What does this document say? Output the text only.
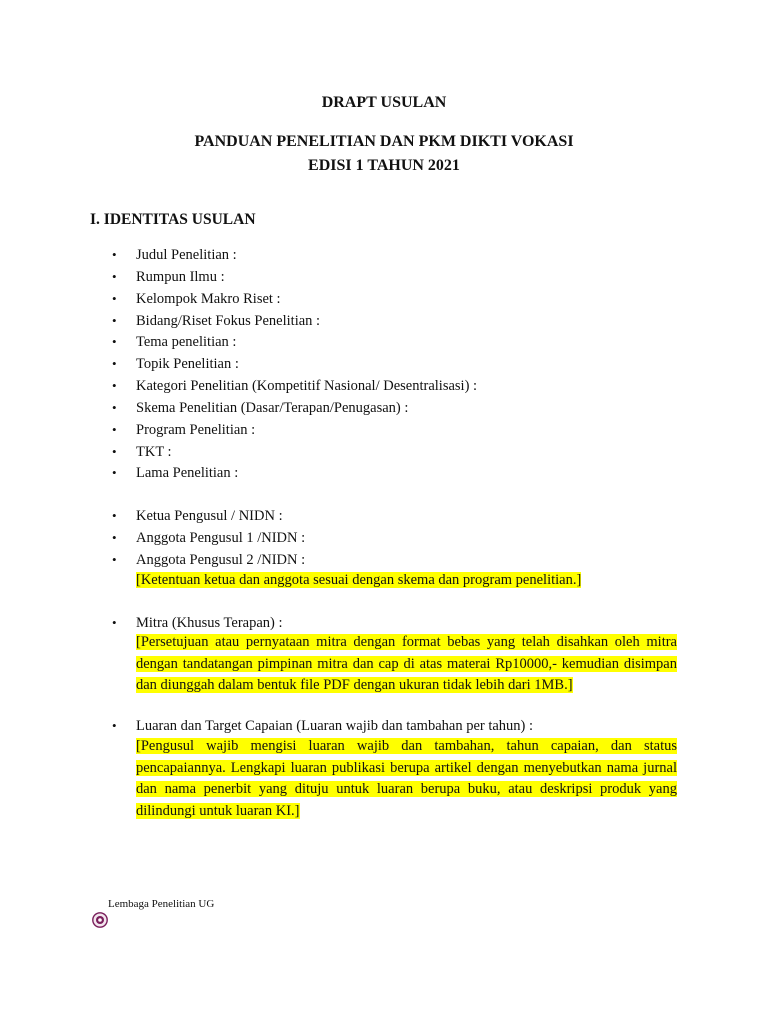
DRAPT USULAN
PANDUAN PENELITIAN DAN PKM DIKTI VOKASI
EDISI 1 TAHUN 2021
I. IDENTITAS USULAN
•	Judul Penelitian :
•	Rumpun Ilmu :
•	Kelompok Makro Riset :
•	Bidang/Riset Fokus Penelitian :
•	Tema penelitian :
•	Topik Penelitian :
•	Kategori Penelitian (Kompetitif Nasional/ Desentralisasi) :
•	Skema Penelitian (Dasar/Terapan/Penugasan) :
•	Program Penelitian :
•	TKT :
•	Lama Penelitian :
•	Ketua Pengusul / NIDN :
•	Anggota Pengusul 1 /NIDN :
•	Anggota Pengusul 2 /NIDN :
[Ketentuan ketua dan anggota sesuai dengan skema dan program penelitian.]
•	Mitra (Khusus Terapan) :
[Persetujuan atau pernyataan mitra dengan format bebas yang telah disahkan oleh mitra dengan tandatangan pimpinan mitra dan cap di atas materai Rp10000,- kemudian disimpan dan diunggah dalam bentuk file PDF dengan ukuran tidak lebih dari 1MB.]
•	Luaran dan Target Capaian (Luaran wajib dan tambahan per tahun) :
[Pengusul wajib mengisi luaran wajib dan tambahan, tahun capaian, dan status pencapaiannya. Lengkapi luaran publikasi berupa artikel dengan menyebutkan nama jurnal dan nama penerbit yang dituju untuk luaran berupa buku, atau deskripsi produk yang dilindungi untuk luaran KI.]
Lembaga Penelitian UG
